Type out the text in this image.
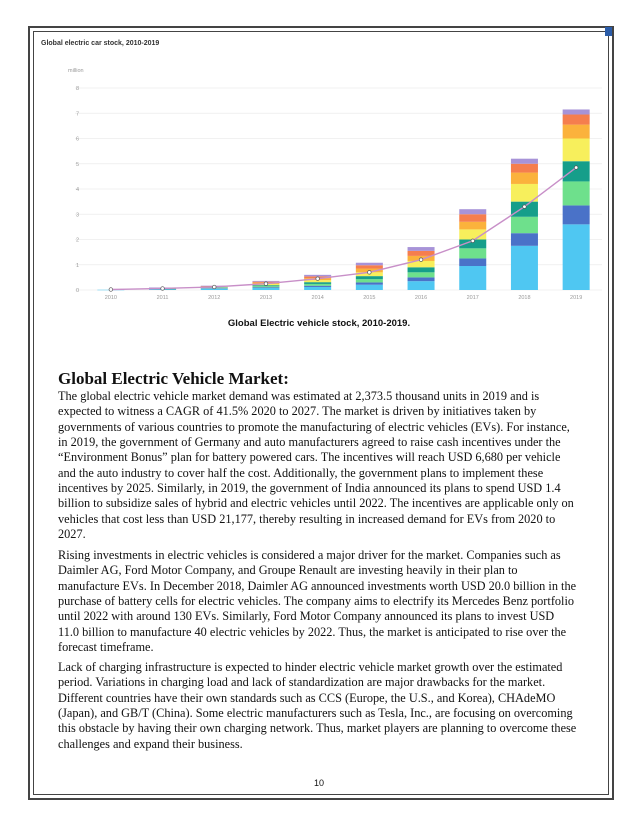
Global electric car stock, 2010-2019
million
0
1
2
3
4
5
6
7
8
2010	2011	2012	2013	2014	2015	2016	2017	2018	2019
Global Electric vehicle stock, 2010-2019.
Global Electric Vehicle Market:

The global electric vehicle market demand was estimated at 2,373.5 thousand units in 2019 and is expected to witness a CAGR of 41.5% 2020 to 2027. The market is driven by initiatives taken by governments of various countries to promote the manufacturing of electric vehicles (EVs). For instance, in 2019, the government of Germany and auto manufacturers agreed to raise cash incentives under the “Environment Bonus” plan for battery powered cars. The incentives will reach USD 6,680 per vehicle and the auto industry to cover half the cost. Additionally, the government plans to implement these incentives by 2025. Similarly, in 2019, the government of India announced its plans to spend USD 1.4 billion to subsidize sales of hybrid and electric vehicles until 2022. The incentives are applicable only on vehicles that cost less than USD 21,177, thereby resulting in increased demand for EVs from 2020 to 2027.

Rising investments in electric vehicles is considered a major driver for the market. Companies such as Daimler AG, Ford Motor Company, and Groupe Renault are investing heavily in their plan to manufacture EVs. In December 2018, Daimler AG announced investments worth USD 20.0 billion in the purchase of battery cells for electric vehicles. The company aims to electrify its Mercedes Benz portfolio until 2022 with around 130 EVs. Similarly, Ford Motor Company announced its plans to invest USD 11.0 billion to manufacture 40 electric vehicles by 2022. Thus, the market is anticipated to rise over the forecast timeframe.

Lack of charging infrastructure is expected to hinder electric vehicle market growth over the estimated period. Variations in charging load and lack of standardization are major drawbacks for the market. Different countries have their own standards such as CCS (Europe, the U.S., and Korea), CHAdeMO (Japan), and GB/T (China). Some electric manufacturers such as Tesla, Inc., are focusing on overcoming this obstacle by having their own charging network. Thus, market players are planning to overcome these challenges and expand their business.

10
